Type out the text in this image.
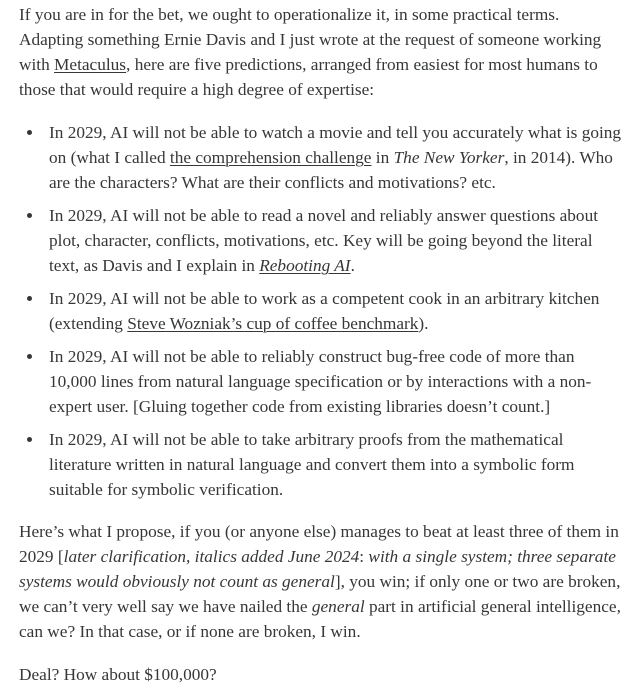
If you are in for the bet, we ought to operationalize it, in some practical terms. Adapting something Ernie Davis and I just wrote at the request of someone working with Metaculus, here are five predictions, arranged from easiest for most humans to those that would require a high degree of expertise:

In 2029, AI will not be able to watch a movie and tell you accurately what is going on (what I called the comprehension challenge in The New Yorker, in 2014). Who are the characters? What are their conflicts and motivations? etc.
In 2029, AI will not be able to read a novel and reliably answer questions about plot, character, conflicts, motivations, etc. Key will be going beyond the literal text, as Davis and I explain in Rebooting AI.
In 2029, AI will not be able to work as a competent cook in an arbitrary kitchen (extending Steve Wozniak’s cup of coffee benchmark).
In 2029, AI will not be able to reliably construct bug-free code of more than 10,000 lines from natural language specification or by interactions with a non-expert user. [Gluing together code from existing libraries doesn’t count.]
In 2029, AI will not be able to take arbitrary proofs from the mathematical literature written in natural language and convert them into a symbolic form suitable for symbolic verification.

Here’s what I propose, if you (or anyone else) manages to beat at least three of them in 2029 [later clarification, italics added June 2024: with a single system; three separate systems would obviously not count as general], you win; if only one or two are broken, we can’t very well say we have nailed the general part in artificial general intelligence, can we? In that case, or if none are broken, I win.

Deal? How about $100,000?
